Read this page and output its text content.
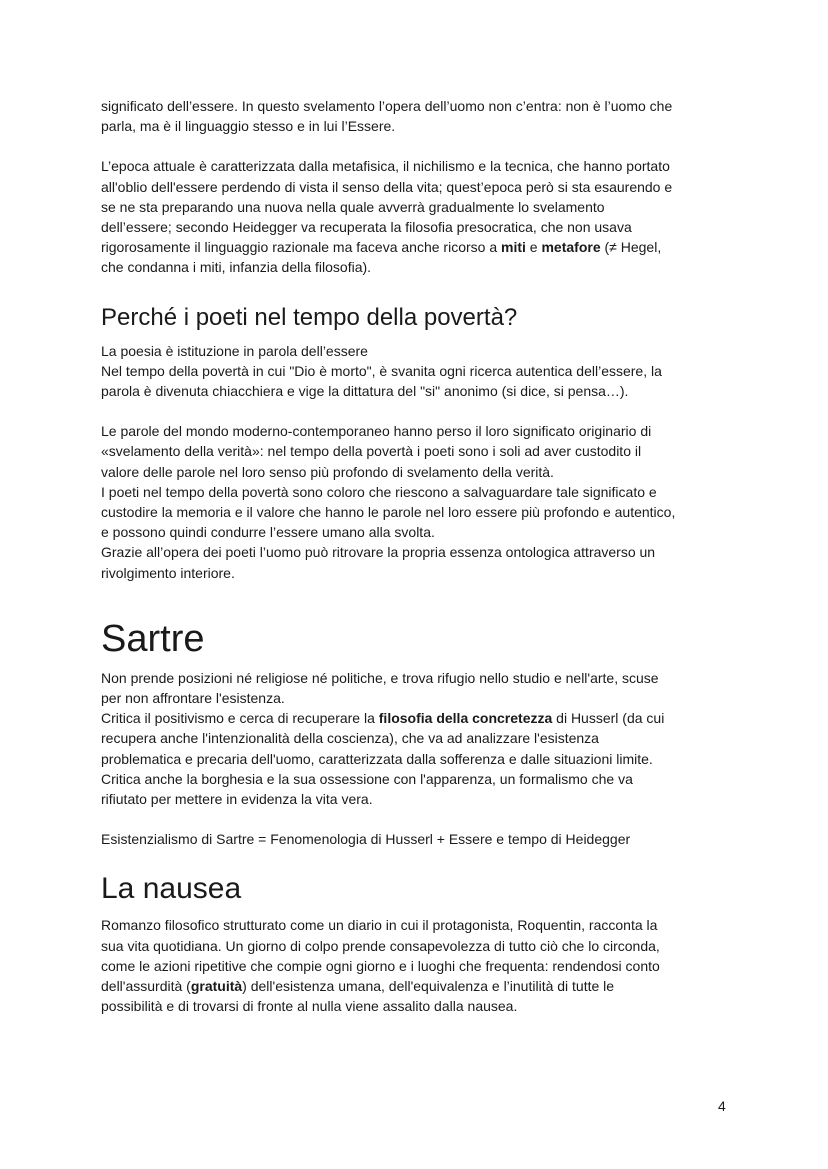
significato dell’essere. In questo svelamento l’opera dell’uomo non c’entra: non è l’uomo che
parla, ma è il linguaggio stesso e in lui l’Essere.

L’epoca attuale è caratterizzata dalla metafisica, il nichilismo e la tecnica, che hanno portato
all'oblio dell'essere perdendo di vista il senso della vita; quest’epoca però si sta esaurendo e
se ne sta preparando una nuova nella quale avverrà gradualmente lo svelamento
dell’essere; secondo Heidegger va recuperata la filosofia presocratica, che non usava
rigorosamente il linguaggio razionale ma faceva anche ricorso a miti e metafore (≠ Hegel,
che condanna i miti, infanzia della filosofia).

Perché i poeti nel tempo della povertà?

La poesia è istituzione in parola dell’essere
Nel tempo della povertà in cui "Dio è morto", è svanita ogni ricerca autentica dell’essere, la
parola è divenuta chiacchiera e vige la dittatura del "si" anonimo (si dice, si pensa…).

Le parole del mondo moderno-contemporaneo hanno perso il loro significato originario di
«svelamento della verità»: nel tempo della povertà i poeti sono i soli ad aver custodito il
valore delle parole nel loro senso più profondo di svelamento della verità.
I poeti nel tempo della povertà sono coloro che riescono a salvaguardare tale significato e
custodire la memoria e il valore che hanno le parole nel loro essere più profondo e autentico,
e possono quindi condurre l’essere umano alla svolta.
Grazie all’opera dei poeti l’uomo può ritrovare la propria essenza ontologica attraverso un
rivolgimento interiore.

Sartre

Non prende posizioni né religiose né politiche, e trova rifugio nello studio e nell'arte, scuse
per non affrontare l'esistenza.
Critica il positivismo e cerca di recuperare la filosofia della concretezza di Husserl (da cui
recupera anche l'intenzionalità della coscienza), che va ad analizzare l'esistenza
problematica e precaria dell'uomo, caratterizzata dalla sofferenza e dalle situazioni limite.
Critica anche la borghesia e la sua ossessione con l'apparenza, un formalismo che va
rifiutato per mettere in evidenza la vita vera.

Esistenzialismo di Sartre = Fenomenologia di Husserl + Essere e tempo di Heidegger

La nausea

Romanzo filosofico strutturato come un diario in cui il protagonista, Roquentin, racconta la
sua vita quotidiana. Un giorno di colpo prende consapevolezza di tutto ciò che lo circonda,
come le azioni ripetitive che compie ogni giorno e i luoghi che frequenta: rendendosi conto
dell'assurdità (gratuità) dell'esistenza umana, dell'equivalenza e l’inutilità di tutte le
possibilità e di trovarsi di fronte al nulla viene assalito dalla nausea.

4
